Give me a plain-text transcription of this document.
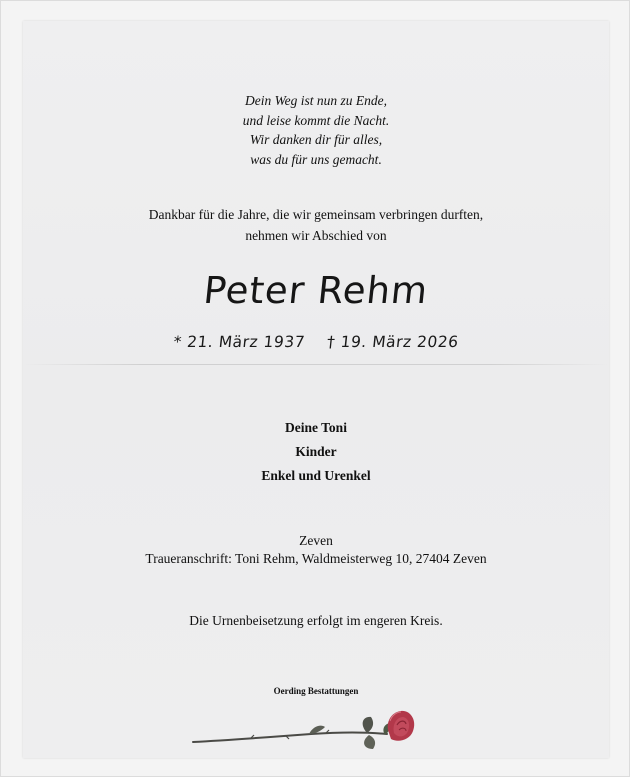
Dein Weg ist nun zu Ende,
und leise kommt die Nacht.
Wir danken dir für alles,
was du für uns gemacht.
Dankbar für die Jahre, die wir gemeinsam verbringen durften,
nehmen wir Abschied von
Peter Rehm
* 21. März 1937 † 19. März 2026
Deine Toni
Kinder
Enkel und Urenkel
Zeven
Traueranschrift: Toni Rehm, Waldmeisterweg 10, 27404 Zeven
Die Urnenbeisetzung erfolgt im engeren Kreis.
Oerding Bestattungen
